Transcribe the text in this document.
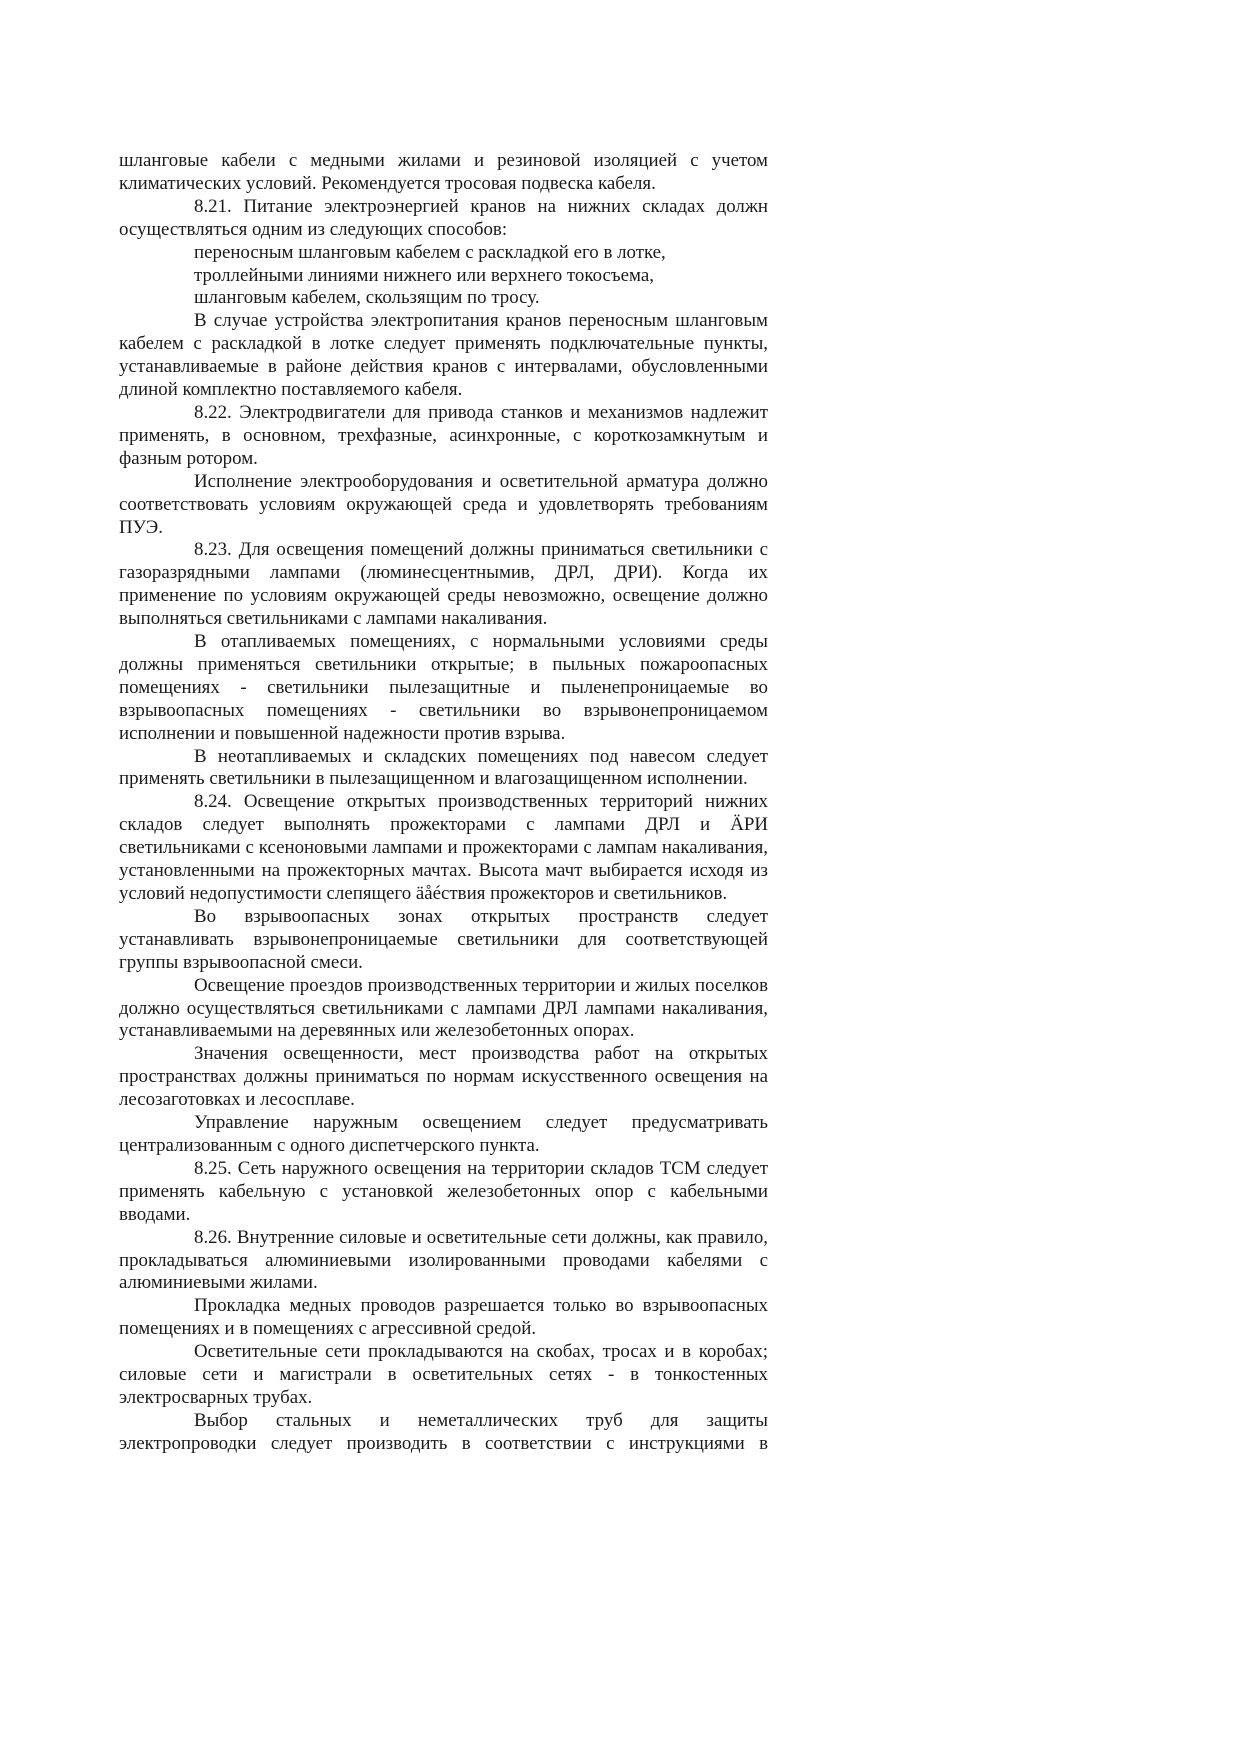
шланговые кабели с медными жилами и резиновой изоляцией с учетом климатических условий. Рекомендуется тросовая подвеска кабеля.

8.21. Питание электроэнергией кранов на нижних складах должн осуществляться одним из следующих способов:

переносным шланговым кабелем с раскладкой его в лотке,

троллейными линиями нижнего или верхнего токосъема,

шланговым кабелем, скользящим по тросу.

В случае устройства электропитания кранов переносным шланговым кабелем с раскладкой в лотке следует применять подключательные пункты, устанавливаемые в районе действия кранов с интервалами, обусловленными длиной комплектно поставляемого кабеля.

8.22. Электродвигатели для привода станков и механизмов надлежит применять, в основном, трехфазные, асинхронные, с короткозамкнутым и фазным ротором.

Исполнение электрооборудования и осветительной арматура должно соответствовать условиям окружающей среда и удовлетворять требованиям ПУЭ.

8.23. Для освещения помещений должны приниматься светильники с газоразрядными лампами (люминесцентнымив, ДРЛ, ДРИ). Когда их применение по условиям окружающей среды невозможно, освещение должно выполняться светильниками с лампами накаливания.

В отапливаемых помещениях, с нормальными условиями среды должны применяться светильники открытые; в пыльных пожароопасных помещениях - светильники пылезащитные и пыленепроницаемые во взрывоопасных помещениях - светильники во взрывонепроницаемом исполнении и повышенной надежности против взрыва.

В неотапливаемых и складских помещениях под навесом следует применять светильники в пылезащищенном и влагозащищенном исполнении.

8.24. Освещение открытых производственных территорий нижних складов следует выполнять прожекторами с лампами ДРЛ и ÄРИ светильниками с ксеноновыми лампами и прожекторами с лампам накаливания, установленными на прожекторных мачтах. Высота мачт выбирается исходя из условий недопустимости слепящего äåéствия прожекторов и светильников.

Во взрывоопасных зонах открытых пространств следует устанавливать взрывонепроницаемые светильники для соответствующей группы взрывоопасной смеси.

Освещение проездов производственных территории и жилых поселков должно осуществляться светильниками с лампами ДРЛ лампами накаливания, устанавливаемыми на деревянных или железобетонных опорах.

Значения освещенности, мест производства работ на открытых пространствах должны приниматься по нормам искусственного освещения на лесозаготовках и лесосплаве.

Управление наружным освещением следует предусматривать централизованным с одного диспетчерского пункта.

8.25. Сеть наружного освещения на территории складов ТСМ следует применять кабельную с установкой железобетонных опор с кабельными вводами.

8.26. Внутренние силовые и осветительные сети должны, как правило, прокладываться алюминиевыми изолированными проводами кабелями с алюминиевыми жилами.

Прокладка медных проводов разрешается только во взрывоопасных помещениях и в помещениях с агрессивной средой.

Осветительные сети прокладываются на скобах, тросах и в коробах; силовые сети и магистрали в осветительных сетях - в тонкостенных электросварных трубах.

Выбор стальных и неметаллических труб для защиты электропроводки следует производить в соответствии с инструкциями в
